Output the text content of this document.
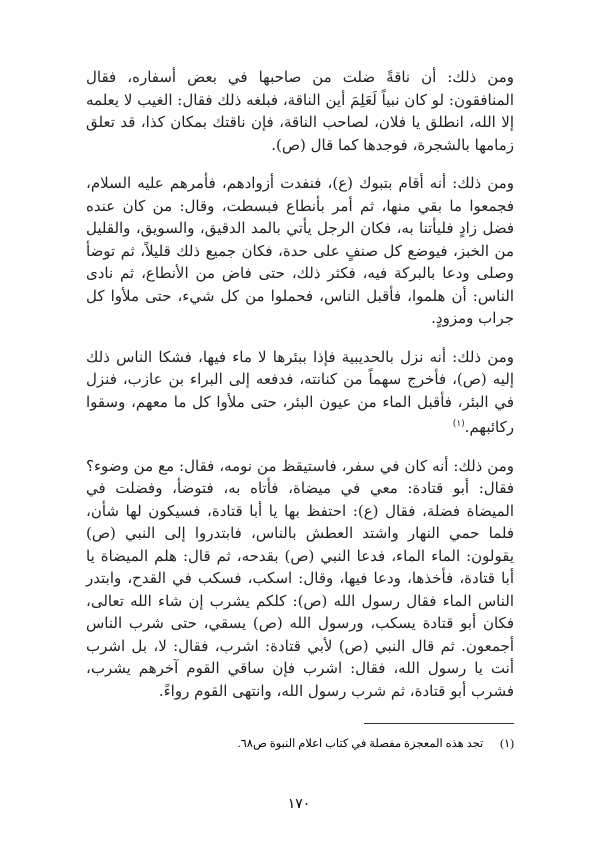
ومن ذلك: أن ناقةً ضلت من صاحبها في بعض أسفاره، فقال المنافقون: لو كان نبياً لَعَلِمَ أين الناقة، فبلغه ذلك فقال: الغيب لا يعلمه إلا الله، انطلق يا فلان، لصاحب الناقة، فإن ناقتك بمكان كذا، قد تعلق زمامها بالشجرة، فوجدها كما قال (ص).

ومن ذلك: أنه أقام بتبوك (ع)، فنفدت أزوادهم، فأمرهم عليه السلام، فجمعوا ما بقي منها، ثم أمر بأنطاع فبسطت، وقال: من كان عنده فضل زادٍ فليأتنا به، فكان الرجل يأتي بالمد الدقيق، والسويق، والقليل من الخبز، فيوضع كل صنفٍ على حدة، فكان جميع ذلك قليلاً، ثم توضأ وصلى ودعا بالبركة فيه، فكثر ذلك، حتى فاض من الأنطاع، ثم نادى الناس: أن هلموا، فأقبل الناس، فحملوا من كل شيء، حتى ملأوا كل جراب ومزودٍ.

ومن ذلك: أنه نزل بالحديبية فإذا ببئرها لا ماء فيها، فشكا الناس ذلك إليه (ص)، فأخرج سهماً من كنانته، فدفعه إلى البراء بن عازب، فنزل في البئر، فأقبل الماء من عيون البئر، حتى ملأوا كل ما معهم، وسقوا ركائبهم.$^{(١)}$

ومن ذلك: أنه كان في سفر، فاستيقظ من نومه، فقال: مع من وضوء؟ فقال: أبو قتادة: معي في ميضاة، فأتاه به، فتوضأ، وفضلت في الميضاة فضلة، فقال (ع): احتفظ بها يا أبا قتادة، فسيكون لها شأن، فلما حمي النهار واشتد العطش بالناس، فابتدروا إلى النبي (ص) يقولون: الماء الماء، فدعا النبي (ص) بقدحه، ثم قال: هلم الميضاة يا أبا قتادة، فأخذها، ودعا فيها، وقال: اسكب، فسكب في القدح، وابتدر الناس الماء فقال رسول الله (ص): كلكم يشرب إن شاء الله تعالى، فكان أبو قتادة يسكب، ورسول الله (ص) يسقي، حتى شرب الناس أجمعون. ثم قال النبي (ص) لأبي قتادة: اشرب، فقال: لا، بل اشرب أنت يا رسول الله، فقال: اشرب فإن ساقي القوم آخرهم يشرب، فشرب أبو قتادة، ثم شرب رسول الله، وانتهى القوم رواءً.

(١) تجد هذه المعجزة مفصلة في كتاب اعلام النبوة ص٦٨.
١٧٠
